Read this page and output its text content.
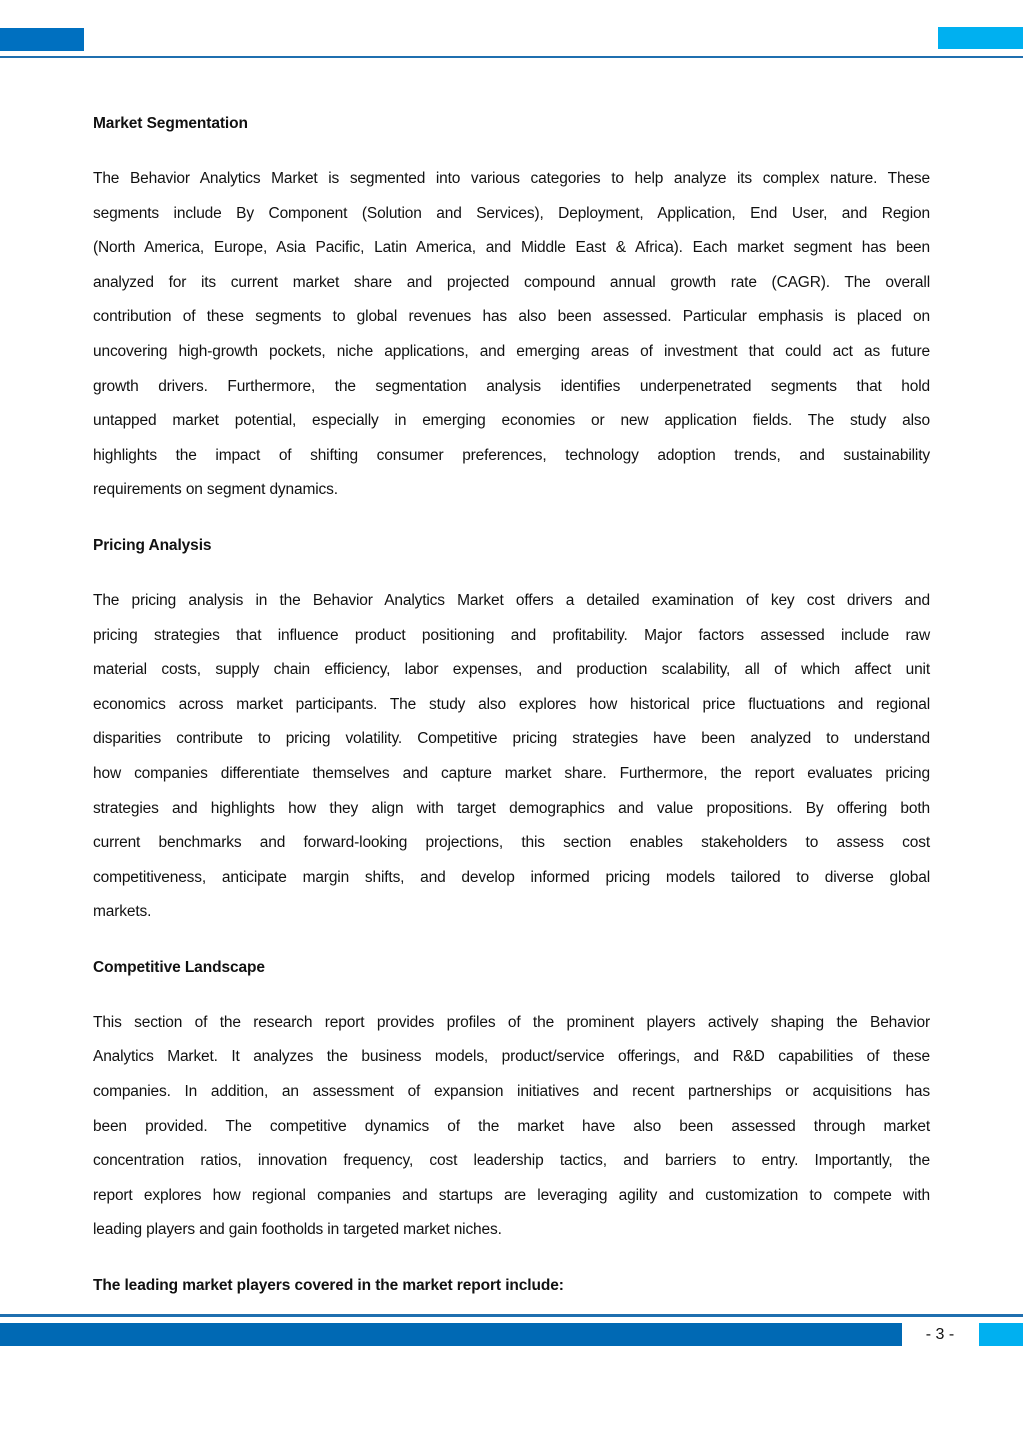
Market Segmentation
The Behavior Analytics Market is segmented into various categories to help analyze its complex nature. These
segments include By Component (Solution and Services), Deployment, Application, End User, and Region
(North America, Europe, Asia Pacific, Latin America, and Middle East & Africa). Each market segment has been
analyzed for its current market share and projected compound annual growth rate (CAGR). The overall
contribution of these segments to global revenues has also been assessed. Particular emphasis is placed on
uncovering high-growth pockets, niche applications, and emerging areas of investment that could act as future
growth drivers. Furthermore, the segmentation analysis identifies underpenetrated segments that hold
untapped market potential, especially in emerging economies or new application fields. The study also
highlights the impact of shifting consumer preferences, technology adoption trends, and sustainability
requirements on segment dynamics.
Pricing Analysis
The pricing analysis in the Behavior Analytics Market offers a detailed examination of key cost drivers and
pricing strategies that influence product positioning and profitability. Major factors assessed include raw
material costs, supply chain efficiency, labor expenses, and production scalability, all of which affect unit
economics across market participants. The study also explores how historical price fluctuations and regional
disparities contribute to pricing volatility. Competitive pricing strategies have been analyzed to understand
how companies differentiate themselves and capture market share. Furthermore, the report evaluates pricing
strategies and highlights how they align with target demographics and value propositions. By offering both
current benchmarks and forward-looking projections, this section enables stakeholders to assess cost
competitiveness, anticipate margin shifts, and develop informed pricing models tailored to diverse global
markets.
Competitive Landscape
This section of the research report provides profiles of the prominent players actively shaping the Behavior
Analytics Market. It analyzes the business models, product/service offerings, and R&D capabilities of these
companies. In addition, an assessment of expansion initiatives and recent partnerships or acquisitions has
been provided. The competitive dynamics of the market have also been assessed through market
concentration ratios, innovation frequency, cost leadership tactics, and barriers to entry. Importantly, the
report explores how regional companies and startups are leveraging agility and customization to compete with
leading players and gain footholds in targeted market niches.
The leading market players covered in the market report include:
- 3 -
